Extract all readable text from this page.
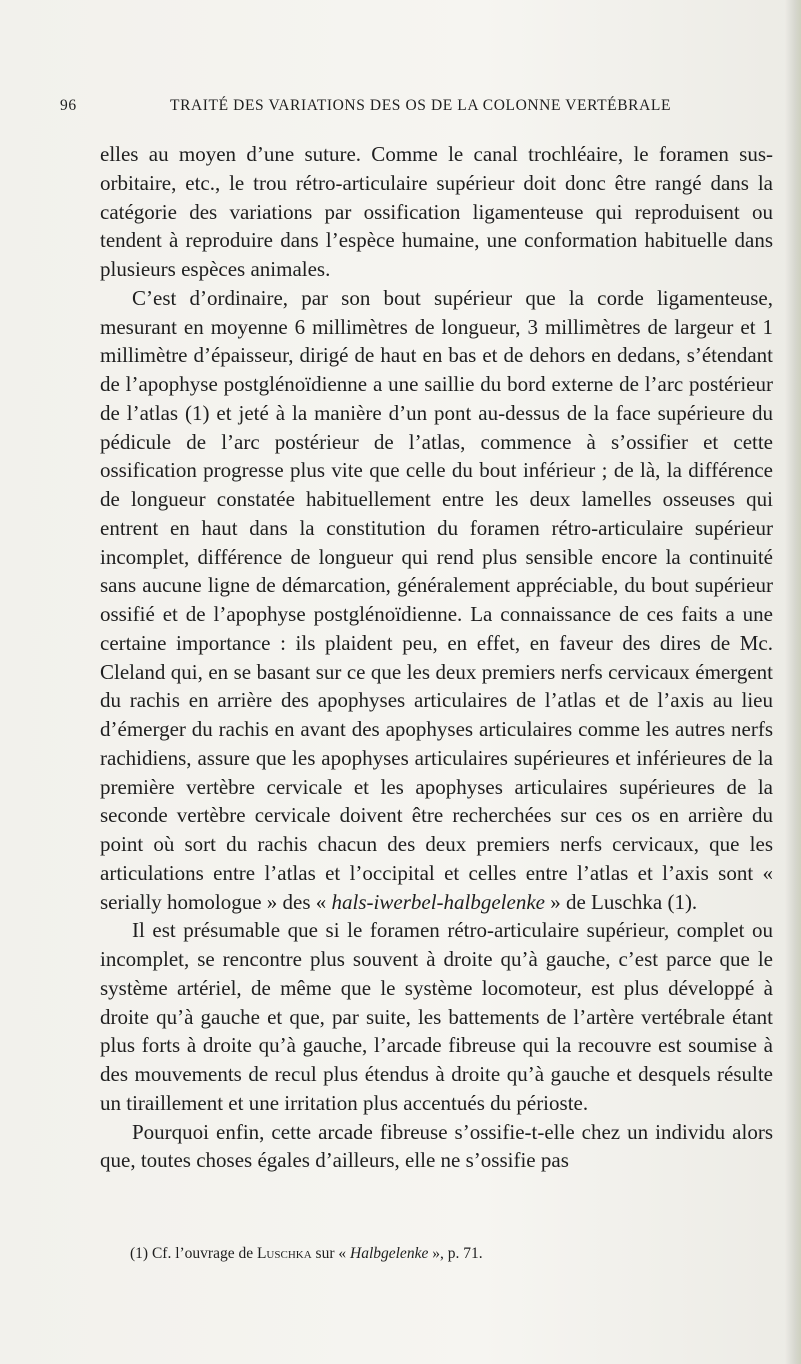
96	TRAITÉ DES VARIATIONS DES OS DE LA COLONNE VERTÉBRALE

elles au moyen d’une suture. Comme le canal trochléaire, le foramen sus-orbitaire, etc., le trou rétro-articulaire supérieur doit donc être rangé dans la catégorie des variations par ossification ligamenteuse qui reproduisent ou tendent à reproduire dans l’espèce humaine, une conformation habituelle dans plusieurs espèces animales.

C’est d’ordinaire, par son bout supérieur que la corde ligamenteuse, mesurant en moyenne 6 millimètres de longueur, 3 millimètres de largeur et 1 millimètre d’épaisseur, dirigé de haut en bas et de dehors en dedans, s’étendant de l’apophyse postglénoïdienne a une saillie du bord externe de l’arc postérieur de l’atlas (1) et jeté à la manière d’un pont au-dessus de la face supérieure du pédicule de l’arc postérieur de l’atlas, commence à s’ossifier et cette ossification progresse plus vite que celle du bout inférieur ; de là, la différence de longueur constatée habituellement entre les deux lamelles osseuses qui entrent en haut dans la constitution du foramen rétro-articulaire supérieur incomplet, différence de longueur qui rend plus sensible encore la continuité sans aucune ligne de démarcation, généralement appréciable, du bout supérieur ossifié et de l’apophyse postglénoïdienne. La connaissance de ces faits a une certaine importance : ils plaident peu, en effet, en faveur des dires de Mc. Cleland qui, en se basant sur ce que les deux premiers nerfs cervicaux émergent du rachis en arrière des apophyses articulaires de l’atlas et de l’axis au lieu d’émerger du rachis en avant des apophyses articulaires comme les autres nerfs rachidiens, assure que les apophyses articulaires supérieures et inférieures de la première vertèbre cervicale et les apophyses articulaires supérieures de la seconde vertèbre cervicale doivent être recherchées sur ces os en arrière du point où sort du rachis chacun des deux premiers nerfs cervicaux, que les articulations entre l’atlas et l’occipital et celles entre l’atlas et l’axis sont « serially homologue » des « hals-iwerbel-halbgelenke » de Luschka (1).

Il est présumable que si le foramen rétro-articulaire supérieur, complet ou incomplet, se rencontre plus souvent à droite qu’à gauche, c’est parce que le système artériel, de même que le système locomoteur, est plus développé à droite qu’à gauche et que, par suite, les battements de l’artère vertébrale étant plus forts à droite qu’à gauche, l’arcade fibreuse qui la recouvre est soumise à des mouvements de recul plus étendus à droite qu’à gauche et desquels résulte un tiraillement et une irritation plus accentués du périoste.

Pourquoi enfin, cette arcade fibreuse s’ossifie-t-elle chez un individu alors que, toutes choses égales d’ailleurs, elle ne s’ossifie pas

(1) Cf. l’ouvrage de Luschka sur « Halbgelenke », p. 71.
